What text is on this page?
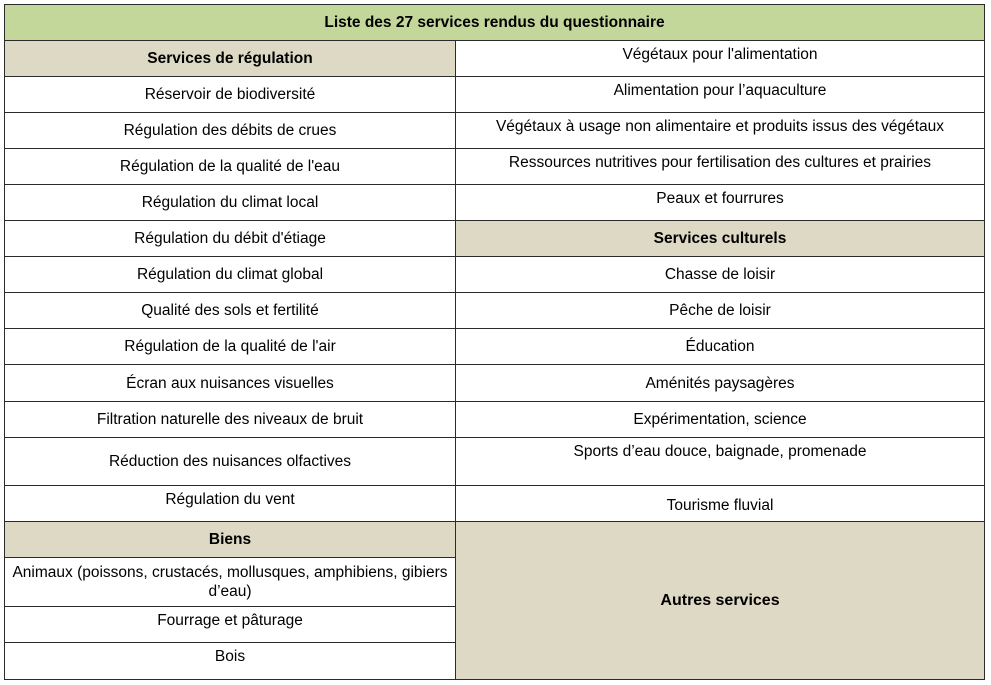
Liste des 27 services rendus du questionnaire	
Services de régulation	Végétaux pour l'alimentation
Réservoir de biodiversité	Alimentation pour l’aquaculture
Régulation des débits de crues	Végétaux à usage non alimentaire et produits issus des végétaux
Régulation de la qualité de l'eau	Ressources nutritives pour fertilisation des cultures et prairies
Régulation du climat local	Peaux et fourrures
Régulation du débit d'étiage	Services culturels
Régulation du climat global	Chasse de loisir
Qualité des sols et fertilité	Pêche de loisir
Régulation de la qualité de l'air	Éducation
Écran aux nuisances visuelles	Aménités paysagères
Filtration naturelle des niveaux de bruit	Expérimentation, science
Réduction des nuisances olfactives	Sports d’eau douce, baignade, promenade
Régulation du vent	Tourisme fluvial
Biens	Autres services
Animaux (poissons, crustacés, mollusques, amphibiens, gibiers d’eau)	
Fourrage et pâturage	
Bois	
